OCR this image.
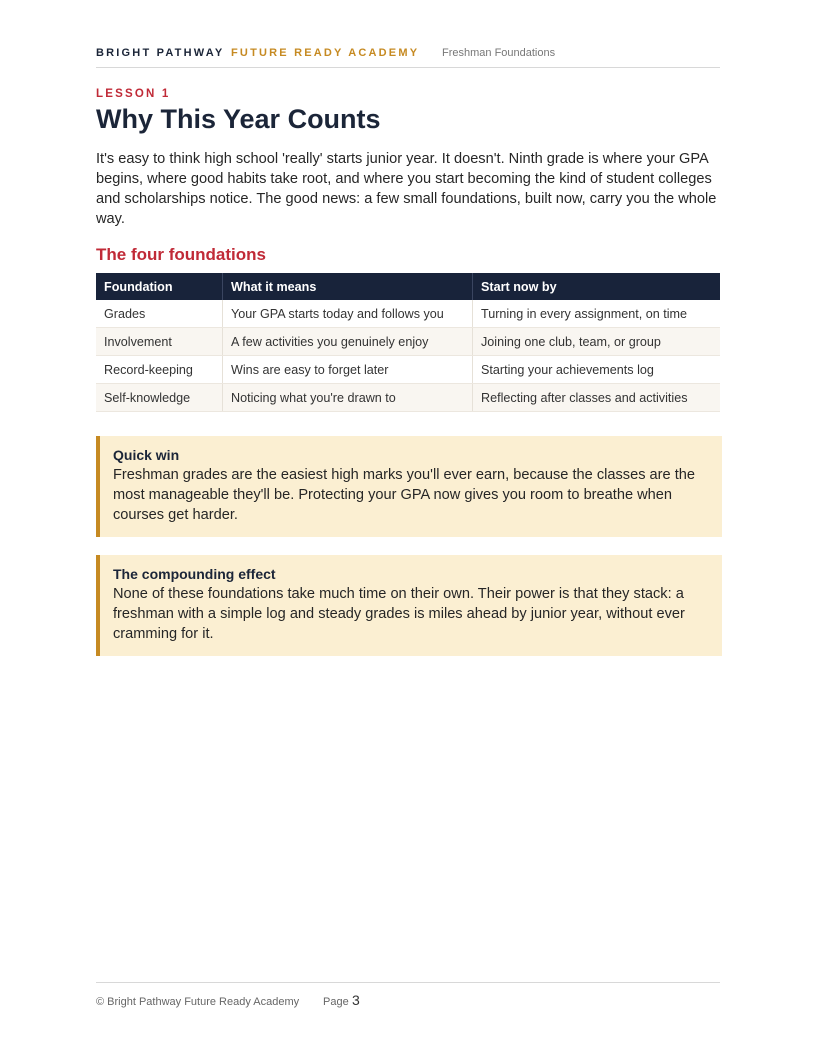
BRIGHT PATHWAY FUTURE READY ACADEMY Freshman Foundations
LESSON 1
Why This Year Counts

It's easy to think high school 'really' starts junior year. It doesn't. Ninth grade is where your GPA begins, where good habits take root, and where you start becoming the kind of student colleges and scholarships notice. The good news: a few small foundations, built now, carry you the whole way.

The four foundations
Foundation	What it means	Start now by
Grades	Your GPA starts today and follows you	Turning in every assignment, on time
Involvement	A few activities you genuinely enjoy	Joining one club, team, or group
Record-keeping	Wins are easy to forget later	Starting your achievements log
Self-knowledge	Noticing what you're drawn to	Reflecting after classes and activities
Quick win
Freshman grades are the easiest high marks you'll ever earn, because the classes are the most manageable they'll be. Protecting your GPA now gives you room to breathe when courses get harder.
The compounding effect
None of these foundations take much time on their own. Their power is that they stack: a freshman with a simple log and steady grades is miles ahead by junior year, without ever cramming for it.
© Bright Pathway Future Ready Academy Page 3
